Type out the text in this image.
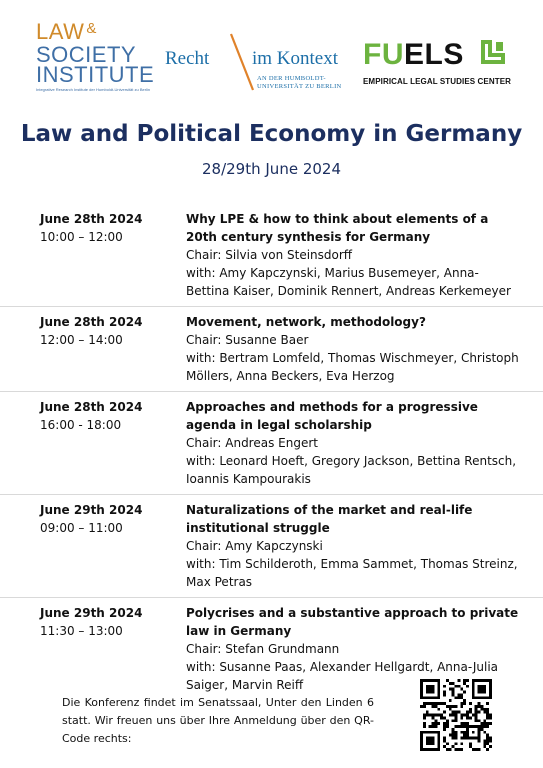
LAW &
SOCIETY
INSTITUTE
Integrative Research Institute der Humboldt-Universität zu Berlin
Recht im Kontext
AN DER HUMBOLDT-
UNIVERSITÄT ZU BERLIN
FUELS
EMPIRICAL LEGAL STUDIES CENTER
Law and Political Economy in Germany
28/29th June 2024
June 28th 2024
10:00 – 12:00
Why LPE & how to think about elements of a 20th century synthesis for Germany
Chair: Silvia von Steinsdorff
with: Amy Kapczynski, Marius Busemeyer, Anna-Bettina Kaiser, Dominik Rennert, Andreas Kerkemeyer
June 28th 2024
12:00 – 14:00
Movement, network, methodology?
Chair: Susanne Baer
with: Bertram Lomfeld, Thomas Wischmeyer, Christoph Möllers, Anna Beckers, Eva Herzog
June 28th 2024
16:00 - 18:00
Approaches and methods for a progressive agenda in legal scholarship
Chair: Andreas Engert
with: Leonard Hoeft, Gregory Jackson, Bettina Rentsch, Ioannis Kampourakis
June 29th 2024
09:00 – 11:00
Naturalizations of the market and real-life institutional struggle
Chair: Amy Kapczynski
with: Tim Schilderoth, Emma Sammet, Thomas Streinz, Max Petras
June 29th 2024
11:30 – 13:00
Polycrises and a substantive approach to private law in Germany
Chair: Stefan Grundmann
with: Susanne Paas, Alexander Hellgardt, Anna-Julia Saiger, Marvin Reiff
Die Konferenz findet im Senatssaal, Unter den Linden 6 statt. Wir freuen uns über Ihre Anmeldung über den QR-Code rechts:
